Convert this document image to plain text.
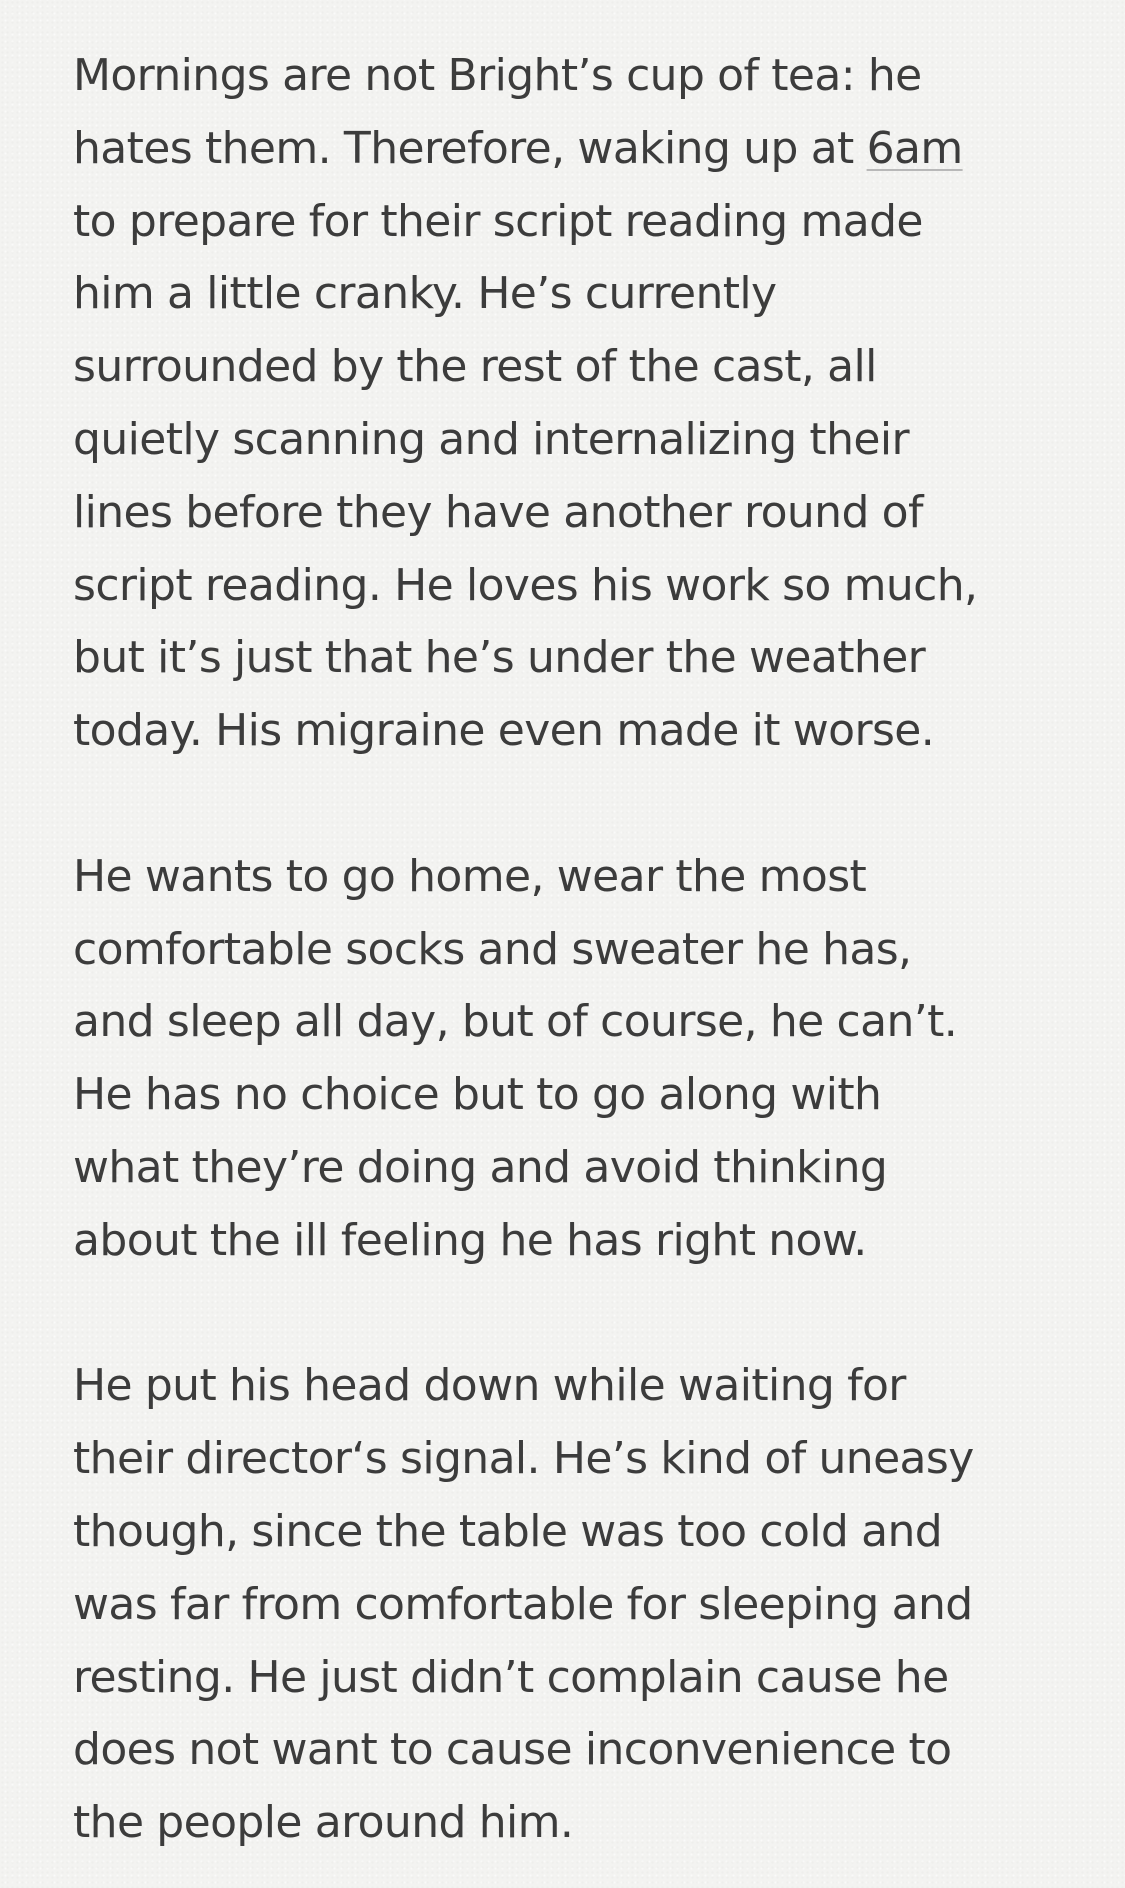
Mornings are not Bright’s cup of tea: he
hates them. Therefore, waking up at 6am
to prepare for their script reading made
him a little cranky. He’s currently
surrounded by the rest of the cast, all
quietly scanning and internalizing their
lines before they have another round of
script reading. He loves his work so much,
but it’s just that he’s under the weather
today. His migraine even made it worse.

He wants to go home, wear the most
comfortable socks and sweater he has,
and sleep all day, but of course, he can’t.
He has no choice but to go along with
what they’re doing and avoid thinking
about the ill feeling he has right now.

He put his head down while waiting for
their director‘s signal. He’s kind of uneasy
though, since the table was too cold and
was far from comfortable for sleeping and
resting. He just didn’t complain cause he
does not want to cause inconvenience to
the people around him.
